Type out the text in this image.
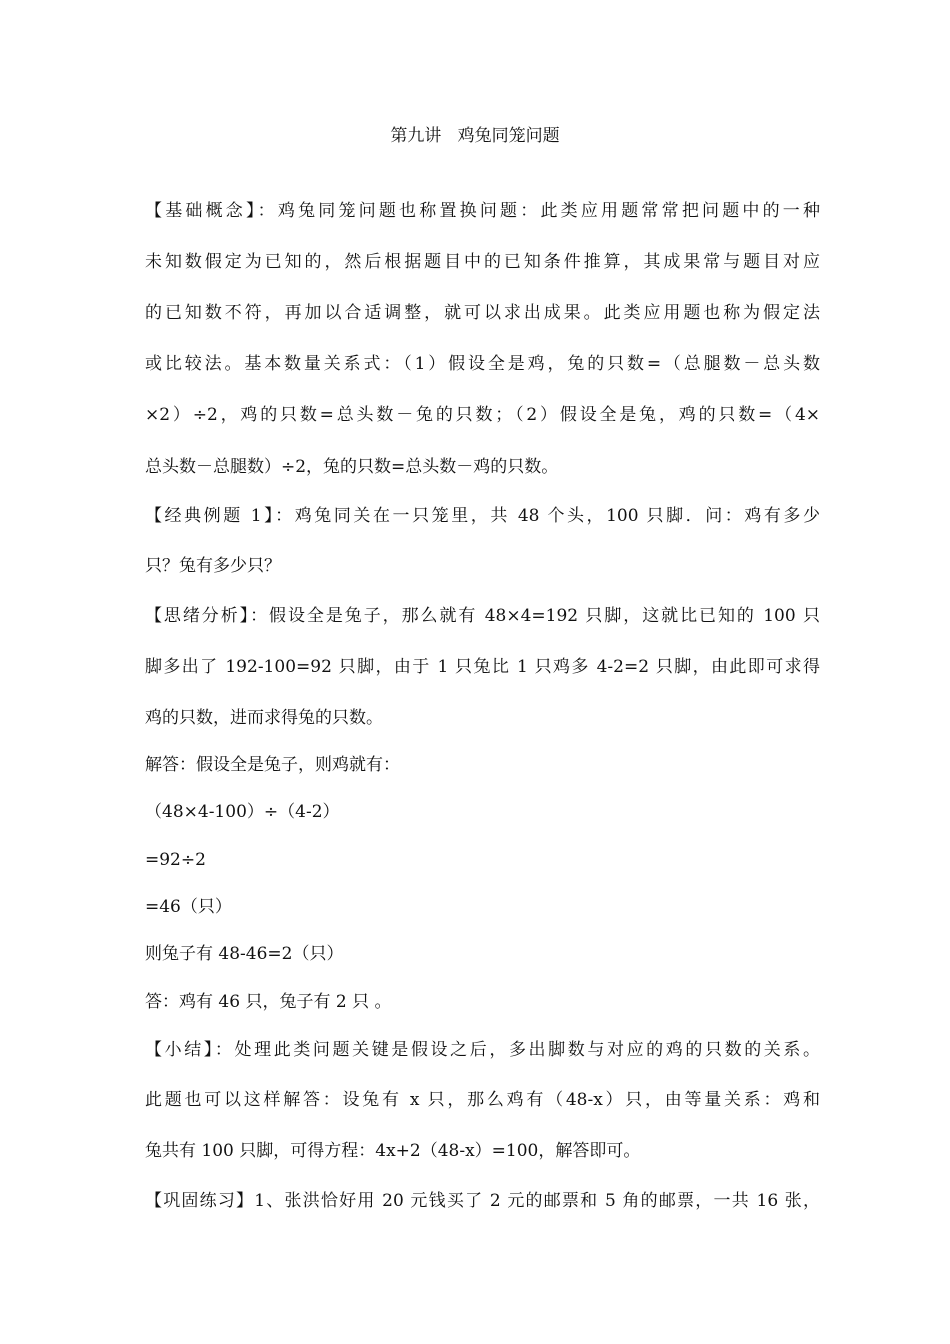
第九讲   鸡兔同笼问题
【基础概念】：鸡兔同笼问题也称置换问题：此类应用题常常把问题中的一种
未知数假定为已知的，然后根据题目中的已知条件推算，其成果常与题目对应
的已知数不符，再加以合适调整，就可以求出成果。此类应用题也称为假定法
或比较法。基本数量关系式：（1）假设全是鸡，兔的只数=（总腿数－总头数
×2）÷2，鸡的只数=总头数－兔的只数；（2）假设全是兔，鸡的只数=（4×
总头数－总腿数）÷2，兔的只数=总头数－鸡的只数。
【经典例题 1】：鸡兔同关在一只笼里，共 48 个头，100 只脚．问：鸡有多少
只？兔有多少只？
【思绪分析】：假设全是兔子，那么就有 48×4=192 只脚，这就比已知的 100 只
脚多出了 192-100=92 只脚，由于 1 只兔比 1 只鸡多 4-2=2 只脚，由此即可求得
鸡的只数，进而求得兔的只数。
解答：假设全是兔子，则鸡就有：
（48×4-100）÷（4-2）
=92÷2
=46（只）
则兔子有 48-46=2（只）
答：鸡有 46 只，兔子有 2 只 。
【小结】：处理此类问题关键是假设之后，多出脚数与对应的鸡的只数的关系。
此题也可以这样解答：设兔有 x 只，那么鸡有（48-x）只，由等量关系：鸡和
兔共有 100 只脚，可得方程：4x+2（48-x）=100，解答即可。
【巩固练习】1、张洪恰好用 20 元钱买了 2 元的邮票和 5 角的邮票，一共 16 张，
